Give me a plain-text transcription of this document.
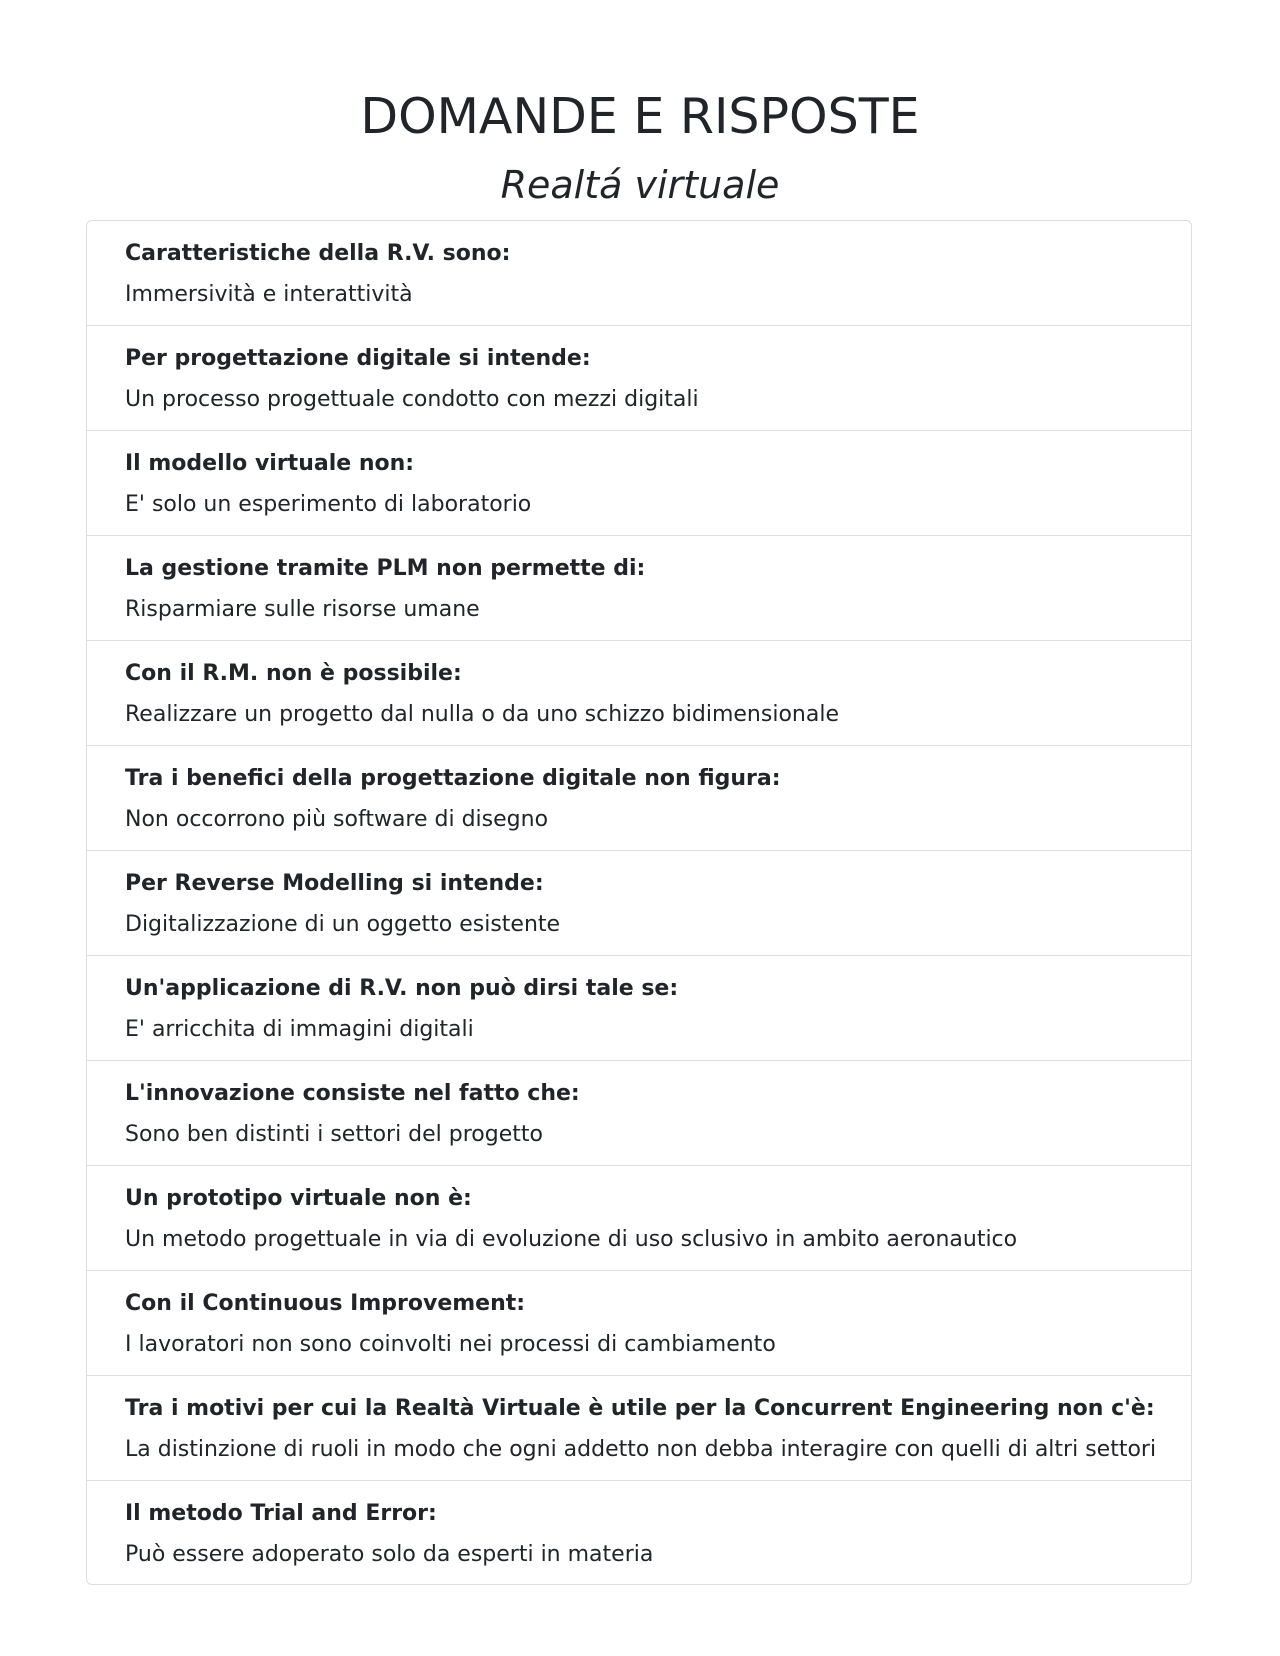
DOMANDE E RISPOSTE
Realtá virtuale
Caratteristiche della R.V. sono:
Immersività e interattività
Per progettazione digitale si intende:
Un processo progettuale condotto con mezzi digitali
Il modello virtuale non:
E' solo un esperimento di laboratorio
La gestione tramite PLM non permette di:
Risparmiare sulle risorse umane
Con il R.M. non è possibile:
Realizzare un progetto dal nulla o da uno schizzo bidimensionale
Tra i benefici della progettazione digitale non figura:
Non occorrono più software di disegno
Per Reverse Modelling si intende:
Digitalizzazione di un oggetto esistente
Un'applicazione di R.V. non può dirsi tale se:
E' arricchita di immagini digitali
L'innovazione consiste nel fatto che:
Sono ben distinti i settori del progetto
Un prototipo virtuale non è:
Un metodo progettuale in via di evoluzione di uso sclusivo in ambito aeronautico
Con il Continuous Improvement:
I lavoratori non sono coinvolti nei processi di cambiamento
Tra i motivi per cui la Realtà Virtuale è utile per la Concurrent Engineering non c'è:
La distinzione di ruoli in modo che ogni addetto non debba interagire con quelli di altri settori
Il metodo Trial and Error:
Può essere adoperato solo da esperti in materia
